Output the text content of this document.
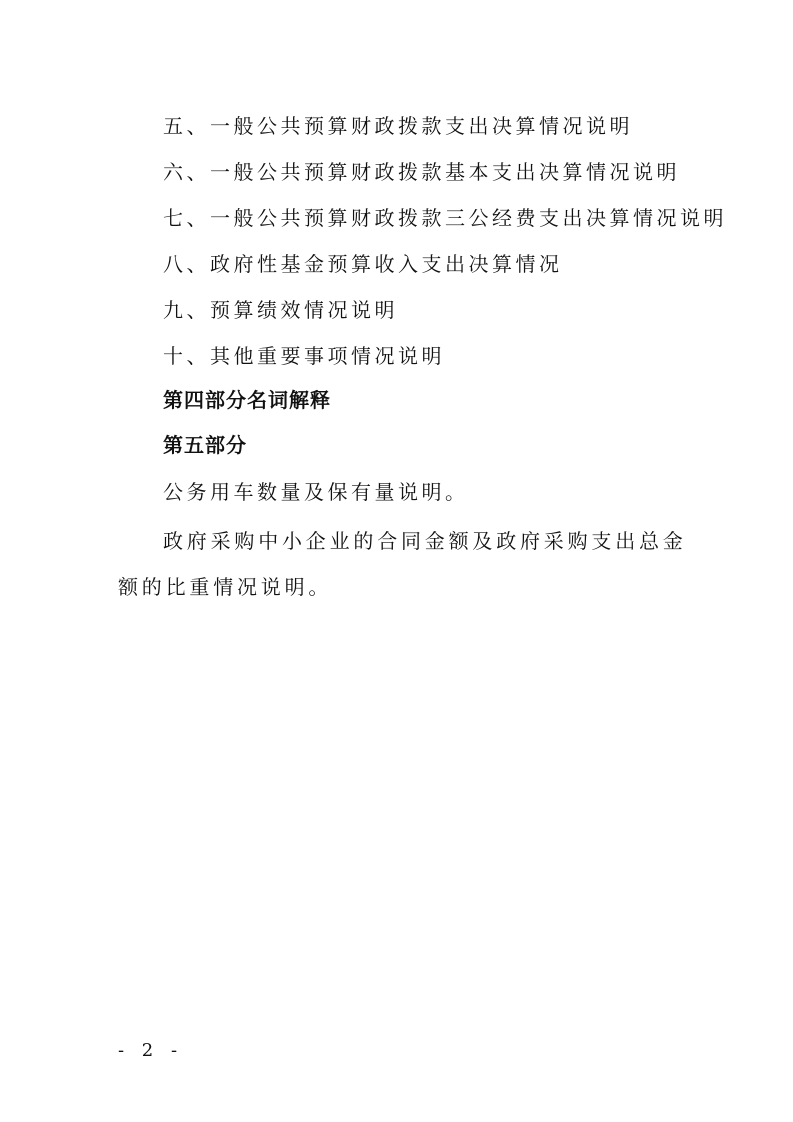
五、一般公共预算财政拨款支出决算情况说明
六、一般公共预算财政拨款基本支出决算情况说明
七、一般公共预算财政拨款三公经费支出决算情况说明
八、政府性基金预算收入支出决算情况
九、预算绩效情况说明
十、其他重要事项情况说明
第四部分名词解释
第五部分
公务用车数量及保有量说明。
政府采购中小企业的合同金额及政府采购支出总金额的比重情况说明。
- 2 -
